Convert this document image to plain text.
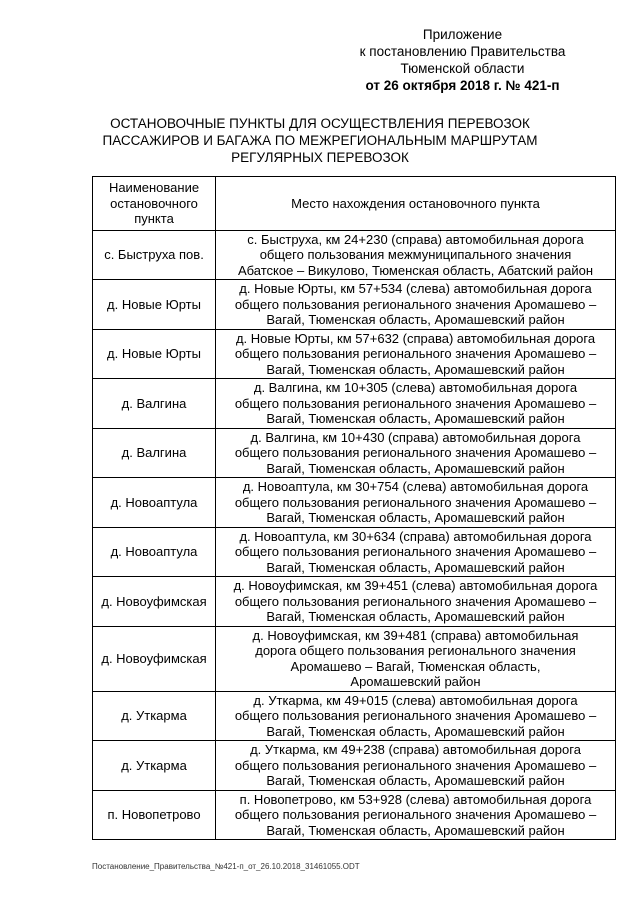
Приложение
к постановлению Правительства
Тюменской области
от 26 октября 2018 г. № 421-п
ОСТАНОВОЧНЫЕ ПУНКТЫ ДЛЯ ОСУЩЕСТВЛЕНИЯ ПЕРЕВОЗОК
ПАССАЖИРОВ И БАГАЖА ПО МЕЖРЕГИОНАЛЬНЫМ МАРШРУТАМ
РЕГУЛЯРНЫХ ПЕРЕВОЗОК
Наименование остановочного пункта	Место нахождения остановочного пункта
с. Быструха пов.	с. Быструха, км 24+230 (справа) автомобильная дорога
общего пользования межмуниципального значения
Абатское – Викулово, Тюменская область, Абатский район

д. Новые Юрты	д. Новые Юрты, км 57+534 (слева) автомобильная дорога
общего пользования регионального значения Аромашево –
Вагай, Тюменская область, Аромашевский район

д. Новые Юрты	д. Новые Юрты, км 57+632 (справа) автомобильная дорога
общего пользования регионального значения Аромашево –
Вагай, Тюменская область, Аромашевский район

д. Валгина	д. Валгина, км 10+305 (слева) автомобильная дорога
общего пользования регионального значения Аромашево –
Вагай, Тюменская область, Аромашевский район

д. Валгина	д. Валгина, км 10+430 (справа) автомобильная дорога
общего пользования регионального значения Аромашево –
Вагай, Тюменская область, Аромашевский район

д. Новоаптула	д. Новоаптула, км 30+754 (слева) автомобильная дорога
общего пользования регионального значения Аромашево –
Вагай, Тюменская область, Аромашевский район

д. Новоаптула	д. Новоаптула, км 30+634 (справа) автомобильная дорога
общего пользования регионального значения Аромашево –
Вагай, Тюменская область, Аромашевский район

д. Новоуфимская	д. Новоуфимская, км 39+451 (слева) автомобильная дорога
общего пользования регионального значения Аромашево –
Вагай, Тюменская область, Аромашевский район

д. Новоуфимская	д. Новоуфимская, км 39+481 (справа) автомобильная
дорога общего пользования регионального значения
Аромашево – Вагай, Тюменская область,
Аромашевский район

д. Уткарма	д. Уткарма, км 49+015 (слева) автомобильная дорога
общего пользования регионального значения Аромашево –
Вагай, Тюменская область, Аромашевский район

д. Уткарма	д. Уткарма, км 49+238 (справа) автомобильная дорога
общего пользования регионального значения Аромашево –
Вагай, Тюменская область, Аромашевский район

п. Новопетрово	п. Новопетрово, км 53+928 (слева) автомобильная дорога
общего пользования регионального значения Аромашево –
Вагай, Тюменская область, Аромашевский район
Постановление_Правительства_№421-п_от_26.10.2018_31461055.ODT
